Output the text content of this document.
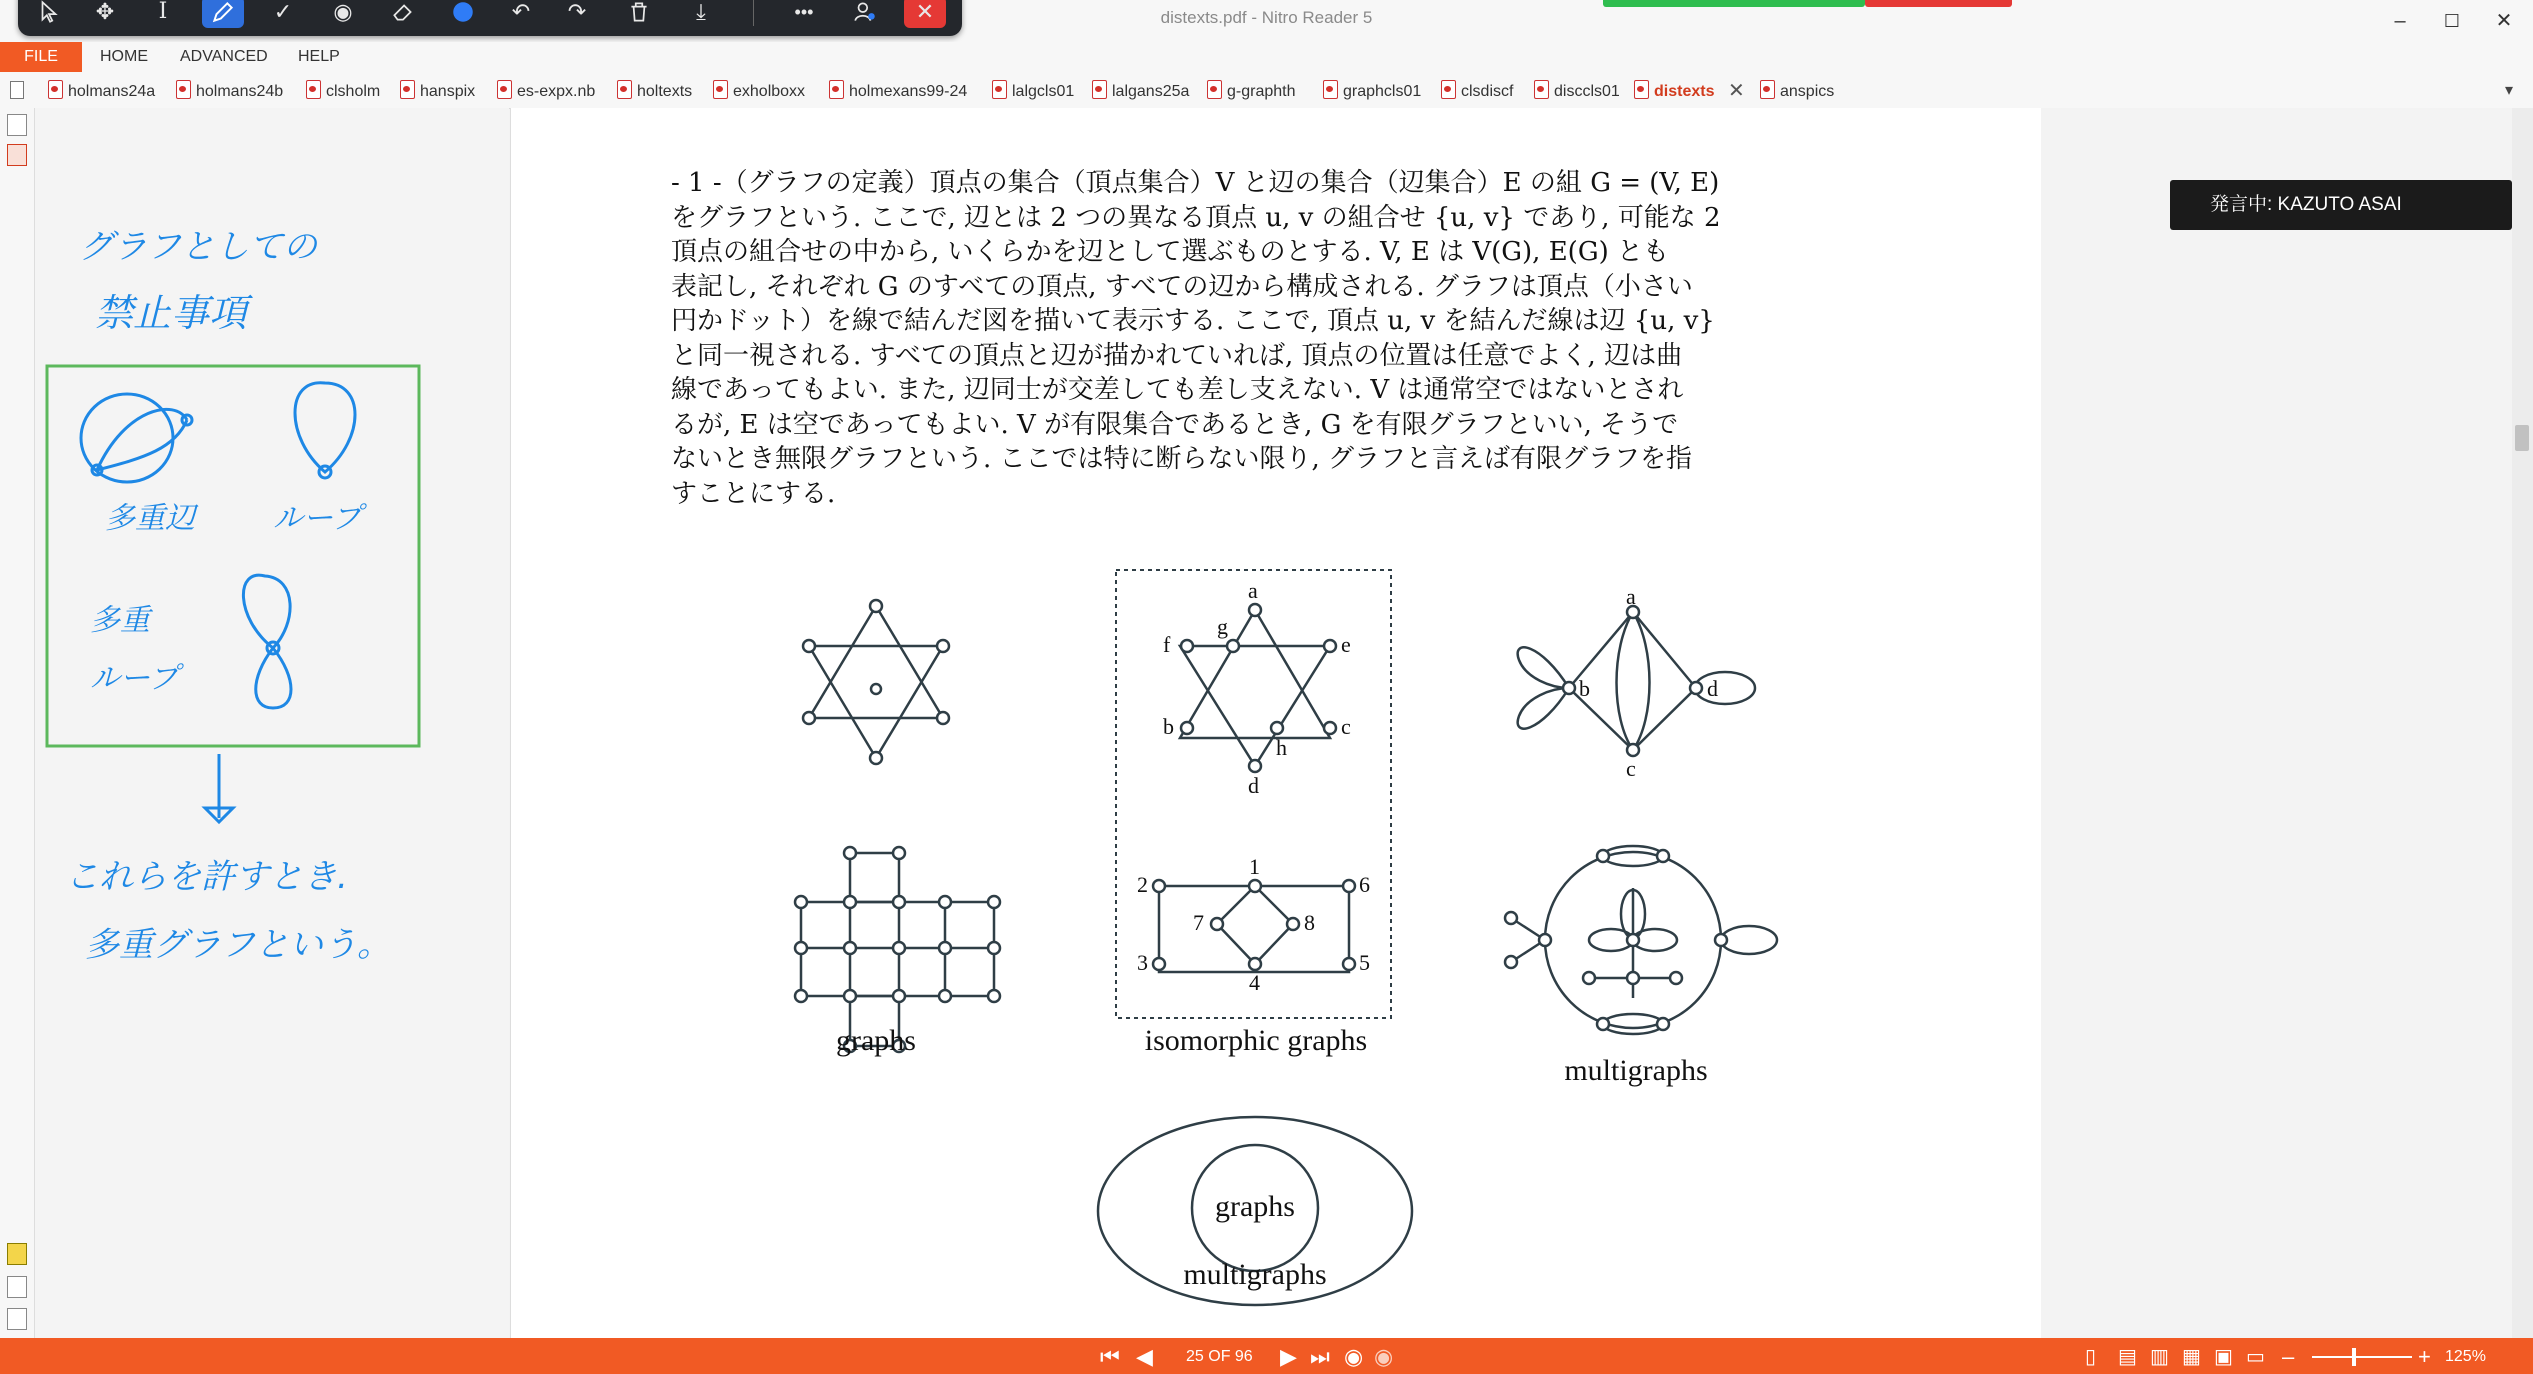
distexts.pdf - Nitro Reader 5	–	☐	✕
✥	I	✓	◉	↶	↷	⤓	•••	✕
HOME ADVANCED HELP
FILE
holmans24a	holmans24b	clsholm	hanspix	es-expx.nb	holtexts	exholboxx	holmexans99-24	lalgcls01	lalgans25a	g-graphth	graphcls01	clsdiscf	disccls01	distexts ✕	anspics	▾
グラフとしての
禁止事項
多重辺	ループ
多重
ループ
これらを許すとき.
多重グラフという。
- 1 -（グラフの定義）頂点の集合（頂点集合）V と辺の集合（辺集合）E の組 G = (V, E)
をグラフという. ここで, 辺とは 2 つの異なる頂点 u, v の組合せ {u, v} であり, 可能な 2
頂点の組合せの中から, いくらかを辺として選ぶものとする. V, E は V(G), E(G) とも
表記し, それぞれ G のすべての頂点, すべての辺から構成される. グラフは頂点（小さい
円かドット）を線で結んだ図を描いて表示する. ここで, 頂点 u, v を結んだ線は辺 {u, v}
と同一視される. すべての頂点と辺が描かれていれば, 頂点の位置は任意でよく, 辺は曲
線であってもよい. また, 辺同士が交差しても差し支えない. V は通常空ではないとされ
るが, E は空であってもよい. V が有限集合であるとき, G を有限グラフといい, そうで
ないとき無限グラフという. ここでは特に断らない限り, グラフと言えば有限グラフを指
すことにする.
a
g
f	e
b	c
h
d
1
2	6
7	8
3	5
4
a
b
c
d
graphs	isomorphic graphs
multigraphs
graphs
multigraphs
発言中: KAZUTO ASAI
⏮ ◀ 25 OF 96 ▶ ⏭ ◉ ◉	▯ ▤ ▥ ▦ ▣ ▭ –	+ 125%
